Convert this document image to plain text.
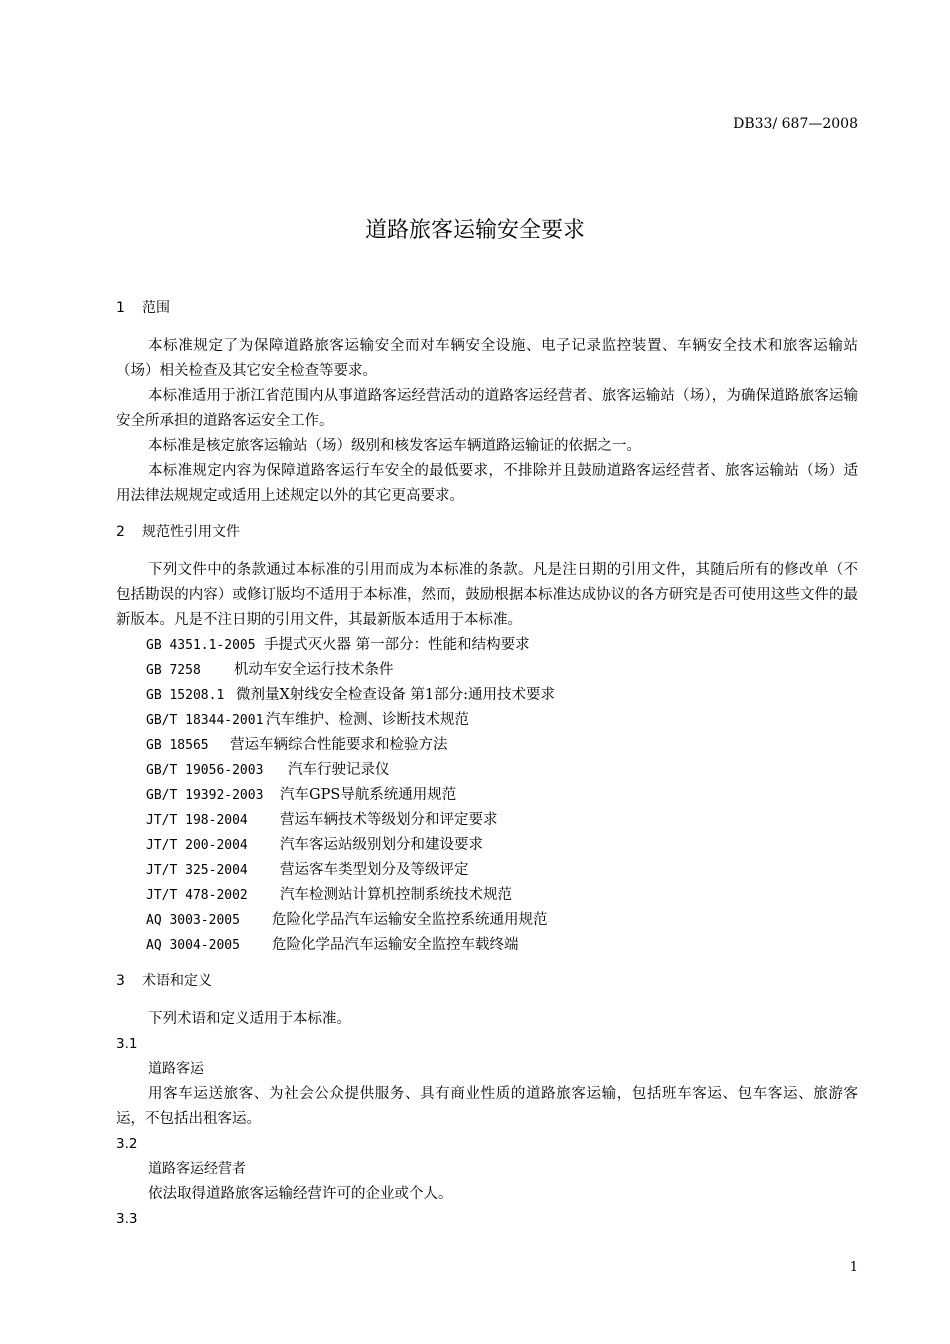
DB33/ 687—2008
道路旅客运输安全要求
1 范围

本标准规定了为保障道路旅客运输安全而对车辆安全设施、电子记录监控装置、车辆安全技术和旅客运输站（场）相关检查及其它安全检查等要求。

本标准适用于浙江省范围内从事道路客运经营活动的道路客运经营者、旅客运输站（场），为确保道路旅客运输安全所承担的道路客运安全工作。

本标准是核定旅客运输站（场）级别和核发客运车辆道路运输证的依据之一。

本标准规定内容为保障道路客运行车安全的最低要求，不排除并且鼓励道路客运经营者、旅客运输站（场）适用法律法规规定或适用上述规定以外的其它更高要求。

2 规范性引用文件

下列文件中的条款通过本标准的引用而成为本标准的条款。凡是注日期的引用文件，其随后所有的修改单（不包括勘误的内容）或修订版均不适用于本标准，然而，鼓励根据本标准达成协议的各方研究是否可使用这些文件的最新版本。凡是不注日期的引用文件，其最新版本适用于本标准。

GB 4351.1-2005 手提式灭火器 第一部分：性能和结构要求
GB 7258 机动车安全运行技术条件
GB 15208.1 微剂量X射线安全检查设备 第1部分:通用技术要求
GB/T 18344-2001 汽车维护、检测、诊断技术规范
GB 18565 营运车辆综合性能要求和检验方法
GB/T 19056-2003 汽车行驶记录仪
GB/T 19392-2003 汽车GPS导航系统通用规范
JT/T 198-2004 营运车辆技术等级划分和评定要求
JT/T 200-2004 汽车客运站级别划分和建设要求
JT/T 325-2004 营运客车类型划分及等级评定
JT/T 478-2002 汽车检测站计算机控制系统技术规范
AQ 3003-2005 危险化学品汽车运输安全监控系统通用规范
AQ 3004-2005 危险化学品汽车运输安全监控车载终端
3 术语和定义

下列术语和定义适用于本标准。

3.1
道路客运

用客车运送旅客、为社会公众提供服务、具有商业性质的道路旅客运输，包括班车客运、包车客运、旅游客运，不包括出租客运。

3.2
道路客运经营者

依法取得道路旅客运输经营许可的企业或个人。

3.3
1
